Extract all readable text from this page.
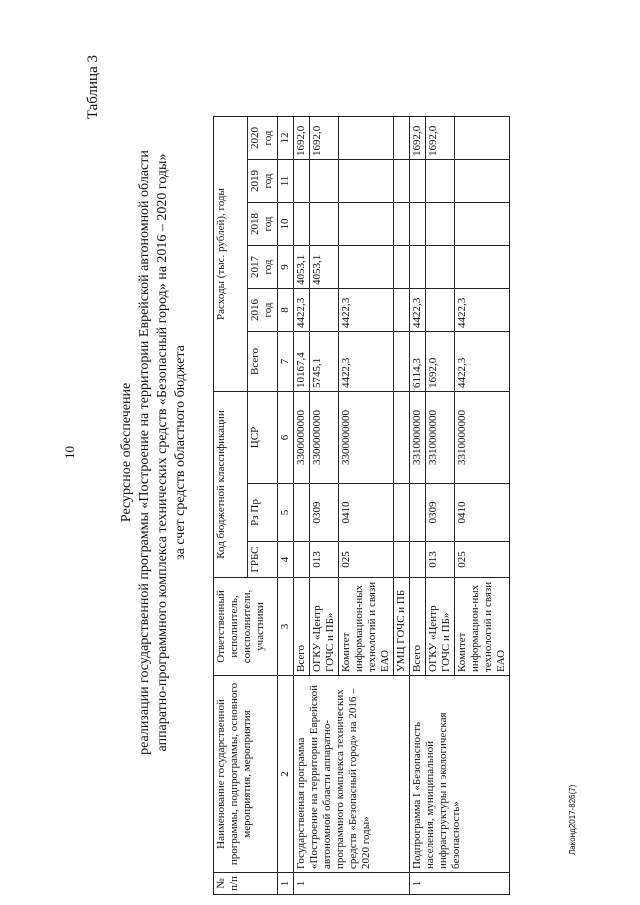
10
Таблица 3
Ресурсное обеспечение реализации государственной программы «Построение на территории Еврейской автономной области аппаратно-программного комплекса технических средств «Безопасный город» на 2016 – 2020 годы» за счет средств областного бюджета
№ п/п	Наименование государственной программы, подпрограммы, основного мероприятия, мероприятия	Ответственный исполнитель, соисполнители, участники	Код бюджетной классификации			Расходы (тыс. рублей), годы					
			ГРБС	Рз Пр	ЦСР	Всего	2016 год	2017 год	2018 год	2019 год	2020 год
1	2	3	4	5	6	7	8	9	10	11	12
1	Государственная программа «Построение на территории Еврейской автономной области аппаратно-программного комплекса технических средств «Безопасный город» на 2016 – 2020 годы»	Всего			3300000000	10167,4	4422,3	4053,1			1692,0
		ОГКУ «Центр ГОЧС и ПБ»	013	0309	3300000000	5745,1		4053,1			1692,0
		Комитет информацион-ных технологий и связи ЕАО	025	0410	3300000000	4422,3	4422,3				
		УМЦ ГОЧС и ПБ									
1	Подпрограмма I «Безопасность населения, муниципальной инфраструктуры и экологическая безопасность»	Всего			3310000000	6114,3	4422,3				1692,0
		ОГКУ «Центр ГОЧС и ПБ»	013	0309	3310000000	1692,0					1692,0
		Комитет информацион-ных технологий и связи ЕАО	025	0410	3310000000	4422,3	4422,3				
Лаконд2017-826(7)
